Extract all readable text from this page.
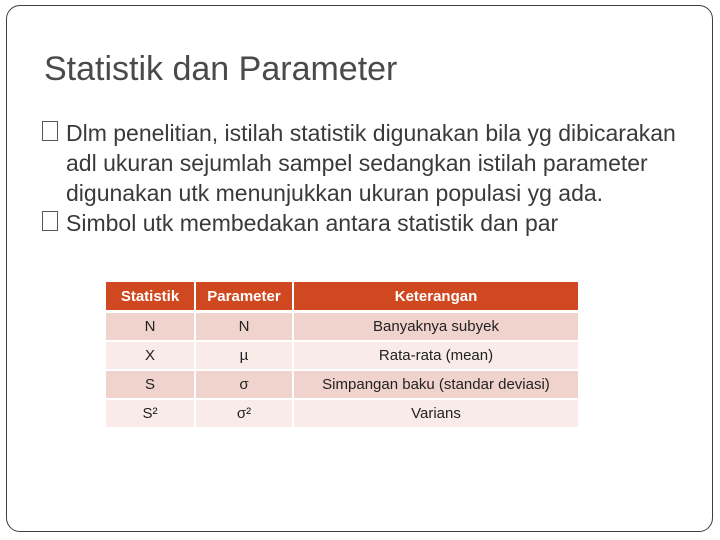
Statistik dan Parameter
Dlm penelitian, istilah statistik digunakan bila yg dibicarakan adl ukuran sejumlah sampel sedangkan istilah parameter digunakan utk menunjukkan ukuran populasi yg ada.
Simbol utk membedakan antara statistik dan par
Statistik	Parameter	Keterangan
N	N	Banyaknya subyek
X	µ	Rata-rata (mean)
S	σ	Simpangan baku (standar deviasi)
S²	σ²	Varians
